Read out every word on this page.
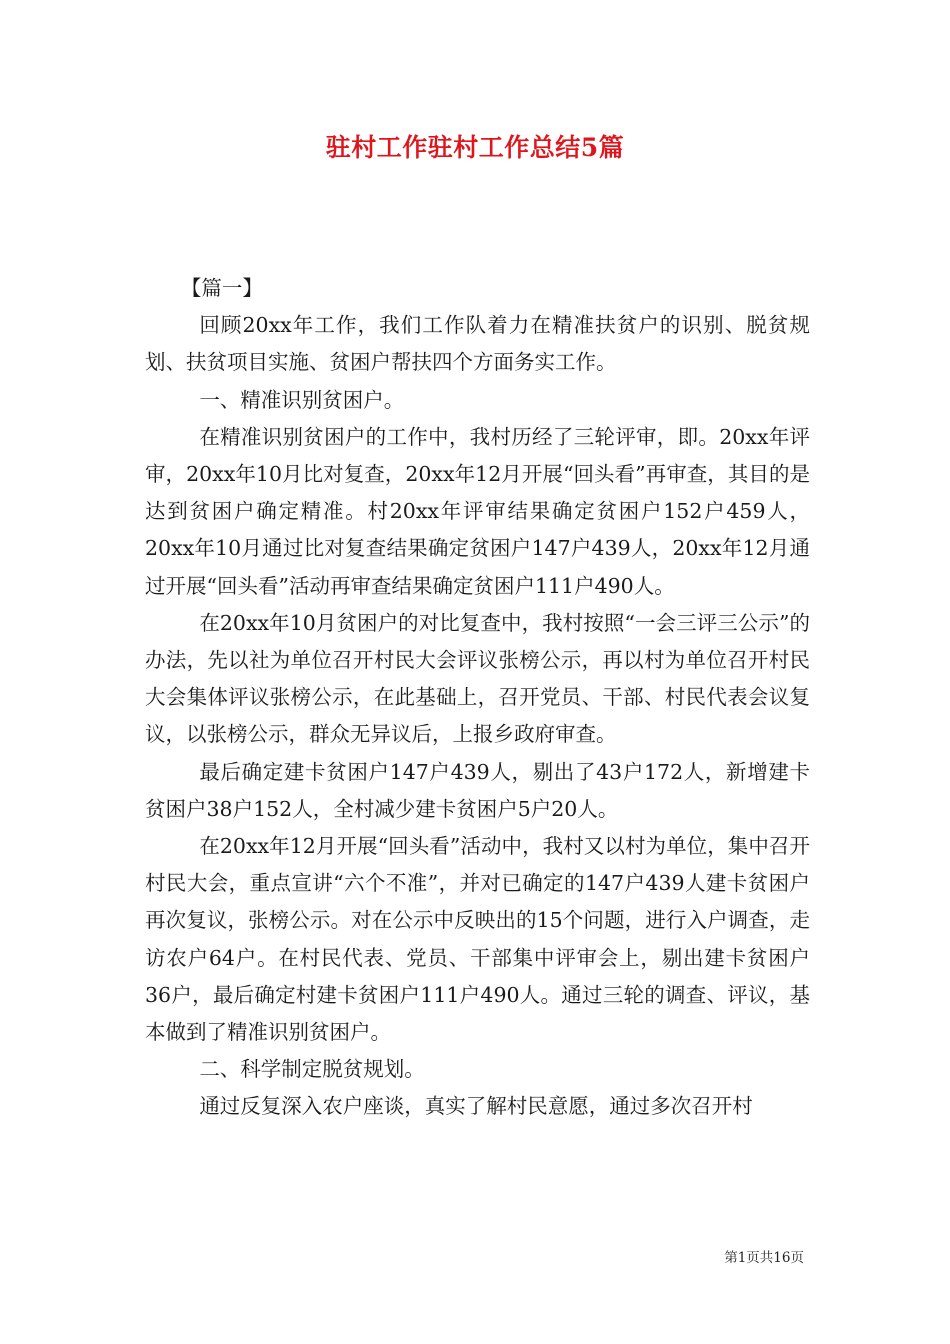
驻村工作驻村工作总结5篇

【篇一】

回顾20xx年工作，我们工作队着力在精准扶贫户的识别、脱贫规划、扶贫项目实施、贫困户帮扶四个方面务实工作。

一、精准识别贫困户。

在精准识别贫困户的工作中，我村历经了三轮评审，即。20xx年评审，20xx年10月比对复查，20xx年12月开展“回头看”再审查，其目的是达到贫困户确定精准。村20xx年评审结果确定贫困户152户459人，20xx年10月通过比对复查结果确定贫困户147户439人，20xx年12月通过开展“回头看”活动再审查结果确定贫困户111户490人。

在20xx年10月贫困户的对比复查中，我村按照“一会三评三公示”的办法，先以社为单位召开村民大会评议张榜公示，再以村为单位召开村民大会集体评议张榜公示，在此基础上，召开党员、干部、村民代表会议复议，以张榜公示，群众无异议后，上报乡政府审查。

最后确定建卡贫困户147户439人，剔出了43户172人，新增建卡贫困户38户152人，全村减少建卡贫困户5户20人。

在20xx年12月开展“回头看”活动中，我村又以村为单位，集中召开村民大会，重点宣讲“六个不准”，并对已确定的147户439人建卡贫困户再次复议，张榜公示。对在公示中反映出的15个问题，进行入户调查，走访农户64户。在村民代表、党员、干部集中评审会上，剔出建卡贫困户36户，最后确定村建卡贫困户111户490人。通过三轮的调查、评议，基本做到了精准识别贫困户。

二、科学制定脱贫规划。

通过反复深入农户座谈，真实了解村民意愿，通过多次召开村

第1页共16页
